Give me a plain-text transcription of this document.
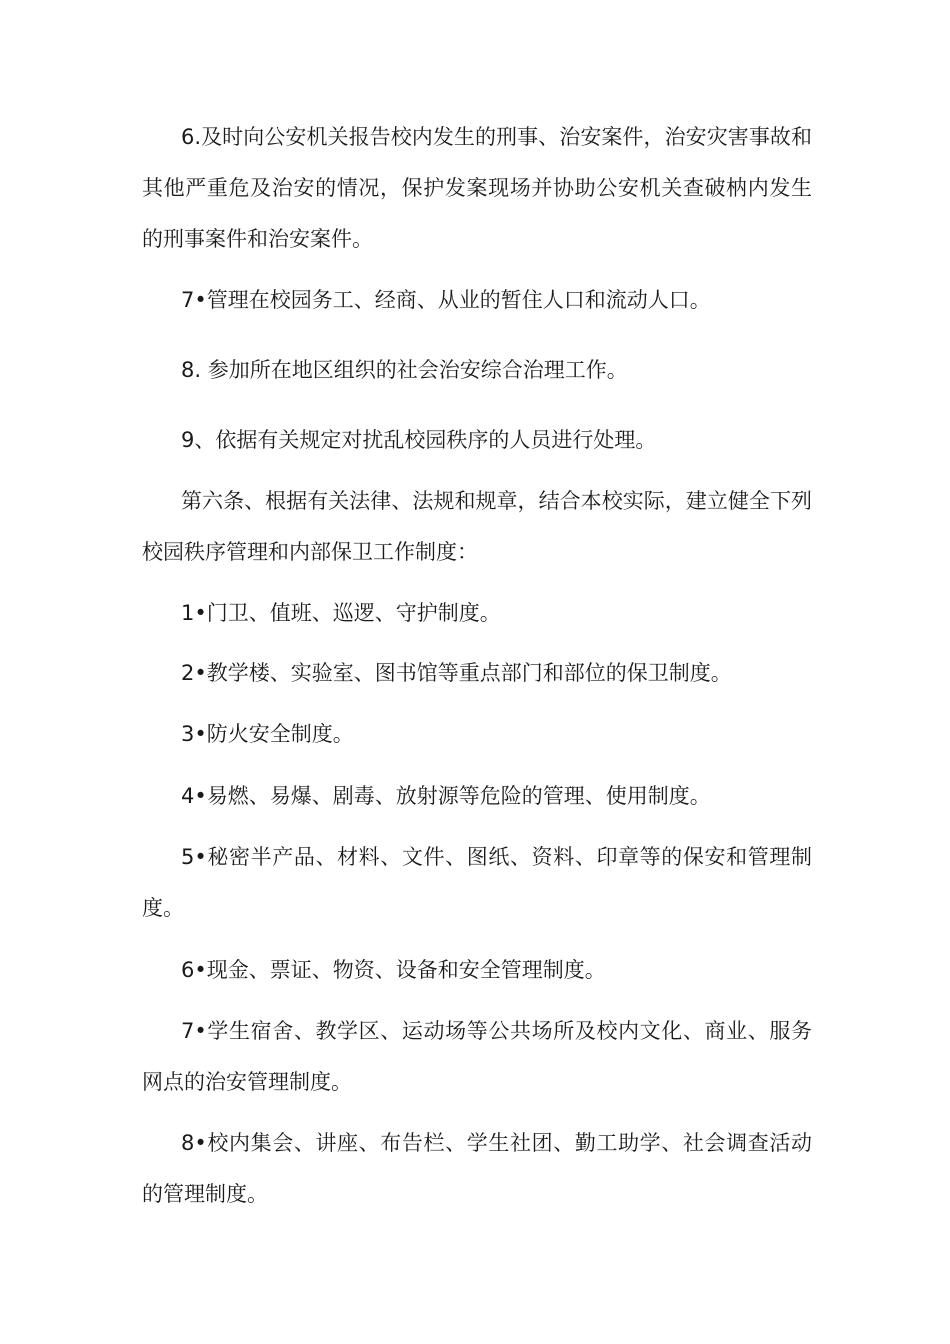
6.及时向公安机关报告校内发生的刑事、治安案件，治安灾害事故和其他严重危及治安的情况，保护发案现场并协助公安机关查破枘内发生的刑事案件和治安案件。

7•管理在校园务工、经商、从业的暂住人口和流动人口。

8. 参加所在地区组织的社会治安综合治理工作。

9、依据有关规定对扰乱校园秩序的人员进行处理。

第六条、根据有关法律、法规和规章，结合本校实际，建立健全下列校园秩序管理和内部保卫工作制度：

1•门卫、值班、巡逻、守护制度。

2•教学楼、实验室、图书馆等重点部门和部位的保卫制度。

3•防火安全制度。

4•易燃、易爆、剧毒、放射源等危险的管理、使用制度。

5•秘密半产品、材料、文件、图纸、资料、印章等的保安和管理制度。

6•现金、票证、物资、设备和安全管理制度。

7•学生宿舍、教学区、运动场等公共场所及校内文化、商业、服务网点的治安管理制度。

8•校内集会、讲座、布告栏、学生社团、勤工助学、社会调查活动的管理制度。
